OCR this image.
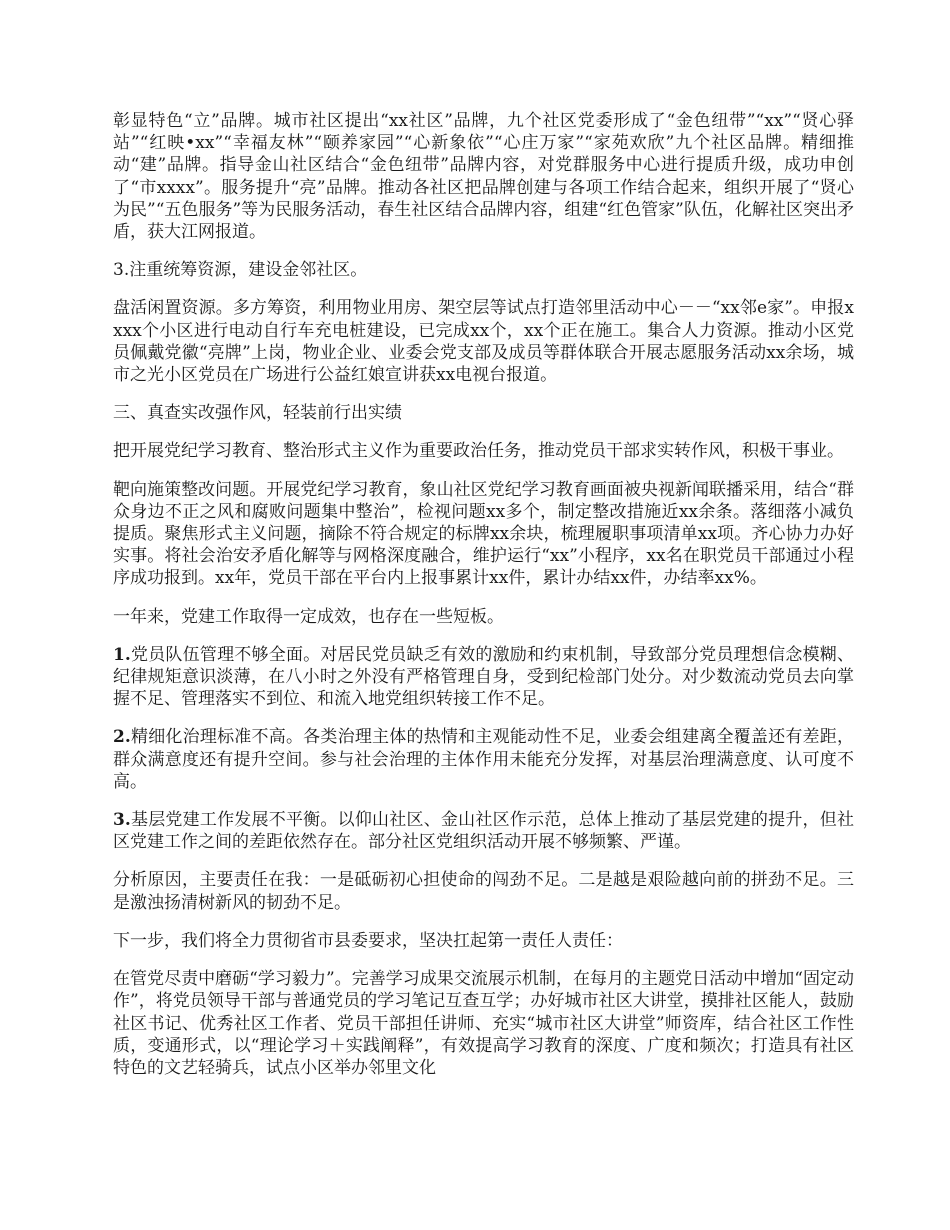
彰显特色“立”品牌。城市社区提出“xx社区”品牌，九个社区党委形成了“金色纽带”“xx”“贤心驿站”“红映•xx”“幸福友林”“颐养家园”“心新象依”“心庄万家”“家苑欢欣”九个社区品牌。精细推动“建”品牌。指导金山社区结合“金色纽带”品牌内容，对党群服务中心进行提质升级，成功申创了“市xxxx”。服务提升“亮”品牌。推动各社区把品牌创建与各项工作结合起来，组织开展了“贤心为民”“五色服务”等为民服务活动，春生社区结合品牌内容，组建“红色管家”队伍，化解社区突出矛盾，获大江网报道。

3.注重统筹资源，建设金邻社区。

盘活闲置资源。多方筹资，利用物业用房、架空层等试点打造邻里活动中心－－“xx邻e家”。申报xxxx个小区进行电动自行车充电桩建设，已完成xx个，xx个正在施工。集合人力资源。推动小区党员佩戴党徽“亮牌”上岗，物业企业、业委会党支部及成员等群体联合开展志愿服务活动xx余场，城市之光小区党员在广场进行公益红娘宣讲获xx电视台报道。

三、真查实改强作风，轻装前行出实绩

把开展党纪学习教育、整治形式主义作为重要政治任务，推动党员干部求实转作风，积极干事业。

靶向施策整改问题。开展党纪学习教育，象山社区党纪学习教育画面被央视新闻联播采用，结合“群众身边不正之风和腐败问题集中整治”，检视问题xx多个，制定整改措施近xx余条。落细落小减负提质。聚焦形式主义问题，摘除不符合规定的标牌xx余块，梳理履职事项清单xx项。齐心协力办好实事。将社会治安矛盾化解等与网格深度融合，维护运行“xx”小程序，xx名在职党员干部通过小程序成功报到。xx年，党员干部在平台内上报事累计xx件，累计办结xx件，办结率xx%。

一年来，党建工作取得一定成效，也存在一些短板。

1.党员队伍管理不够全面。对居民党员缺乏有效的激励和约束机制，导致部分党员理想信念模糊、纪律规矩意识淡薄，在八小时之外没有严格管理自身，受到纪检部门处分。对少数流动党员去向掌握不足、管理落实不到位、和流入地党组织转接工作不足。

2.精细化治理标准不高。各类治理主体的热情和主观能动性不足，业委会组建离全覆盖还有差距，群众满意度还有提升空间。参与社会治理的主体作用未能充分发挥，对基层治理满意度、认可度不高。

3.基层党建工作发展不平衡。以仰山社区、金山社区作示范，总体上推动了基层党建的提升，但社区党建工作之间的差距依然存在。部分社区党组织活动开展不够频繁、严谨。

分析原因，主要责任在我：一是砥砺初心担使命的闯劲不足。二是越是艰险越向前的拼劲不足。三是激浊扬清树新风的韧劲不足。

下一步，我们将全力贯彻省市县委要求，坚决扛起第一责任人责任：

在管党尽责中磨砺“学习毅力”。完善学习成果交流展示机制，在每月的主题党日活动中增加“固定动作”，将党员领导干部与普通党员的学习笔记互查互学；办好城市社区大讲堂，摸排社区能人，鼓励社区书记、优秀社区工作者、党员干部担任讲师、充实“城市社区大讲堂”师资库，结合社区工作性质，变通形式，以“理论学习＋实践阐释”，有效提高学习教育的深度、广度和频次；打造具有社区特色的文艺轻骑兵，试点小区举办邻里文化
